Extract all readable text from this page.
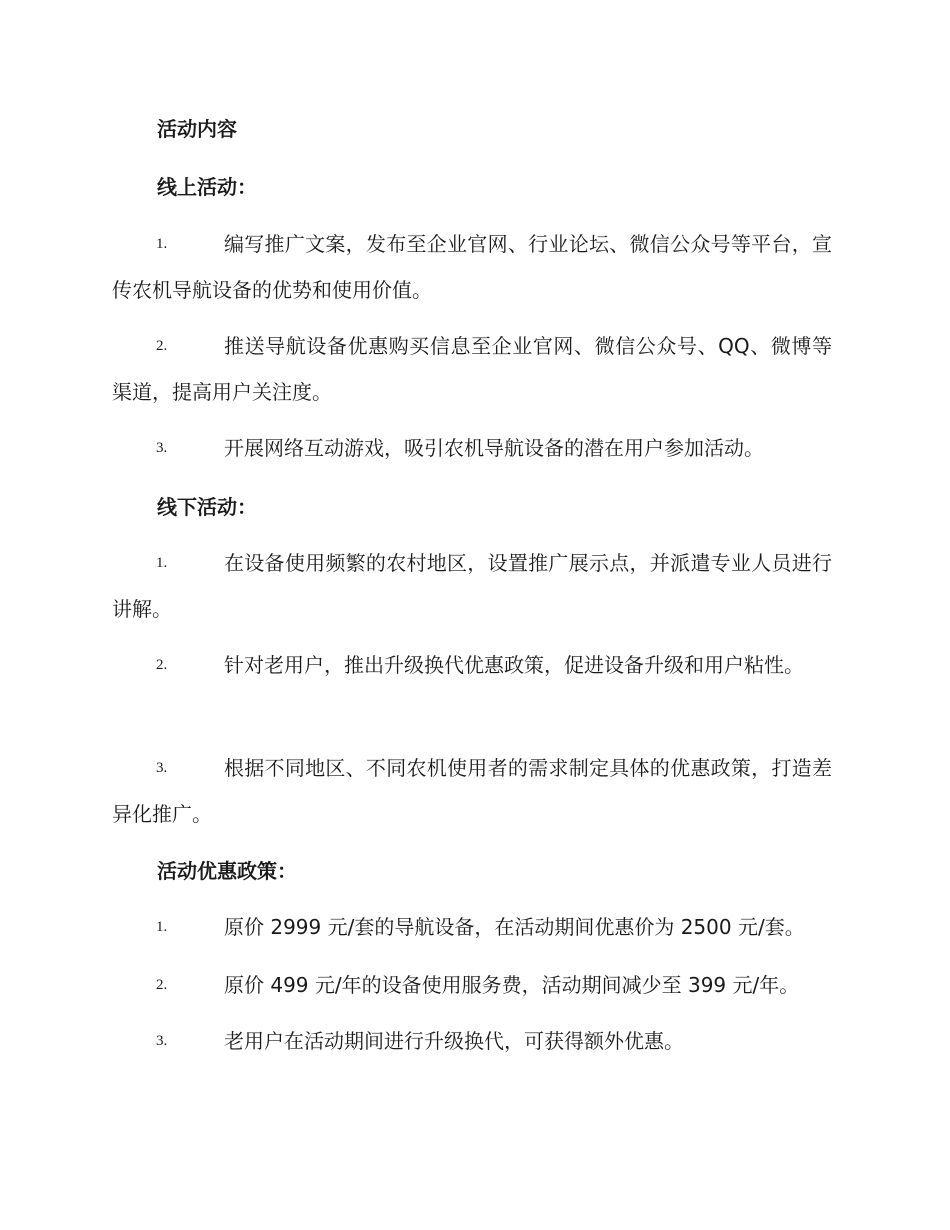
活动内容
线上活动：
1.	编写推广文案，发布至企业官网、行业论坛、微信公众号等平台，宣传农机导航设备的优势和使用价值。
2.	推送导航设备优惠购买信息至企业官网、微信公众号、QQ、微博等渠道，提高用户关注度。
3.	开展网络互动游戏，吸引农机导航设备的潜在用户参加活动。
线下活动：
1.	在设备使用频繁的农村地区，设置推广展示点，并派遣专业人员进行讲解。
2.	针对老用户，推出升级换代优惠政策，促进设备升级和用户粘性。
3.	根据不同地区、不同农机使用者的需求制定具体的优惠政策，打造差异化推广。
活动优惠政策：
1.	原价 2999 元/套的导航设备，在活动期间优惠价为 2500 元/套。
2.	原价 499 元/年的设备使用服务费，活动期间减少至 399 元/年。
3.	老用户在活动期间进行升级换代，可获得额外优惠。
